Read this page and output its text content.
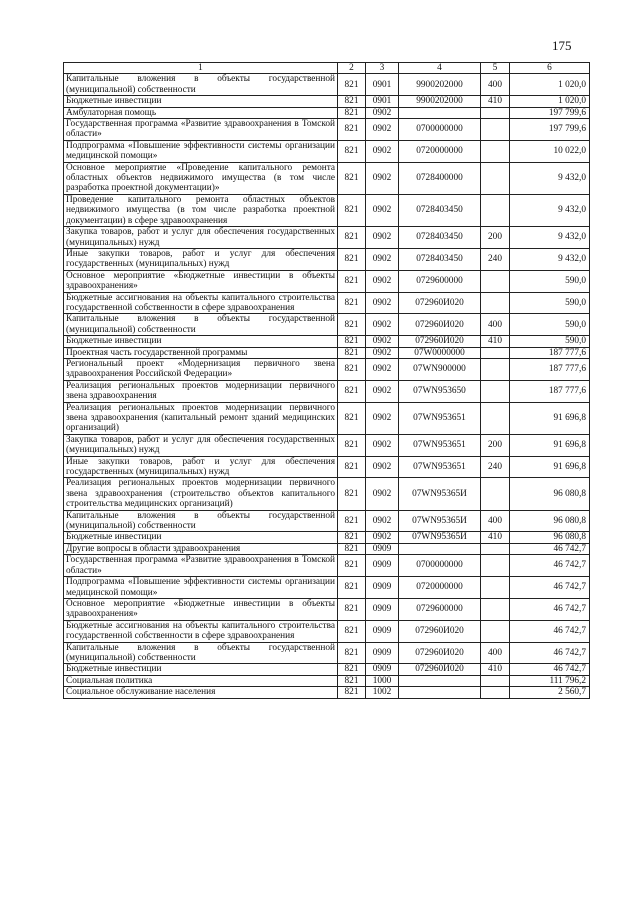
175
1	2	3	4	5	6
Капитальные вложения в объекты государственной (муниципальной) собственности	821	0901	9900202000	400	1 020,0
Бюджетные инвестиции	821	0901	9900202000	410	1 020,0
Амбулаторная помощь	821	0902			197 799,6
Государственная программа «Развитие здравоохранения в Томской области»	821	0902	0700000000		197 799,6
Подпрограмма «Повышение эффективности системы организации медицинской помощи»	821	0902	0720000000		10 022,0
Основное мероприятие «Проведение капитального ремонта областных объектов недвижимого имущества (в том числе разработка проектной документации)»	821	0902	0728400000		9 432,0
Проведение капитального ремонта областных объектов недвижимого имущества (в том числе разработка проектной документации) в сфере здравоохранения	821	0902	0728403450		9 432,0
Закупка товаров, работ и услуг для обеспечения государственных (муниципальных) нужд	821	0902	0728403450	200	9 432,0
Иные закупки товаров, работ и услуг для обеспечения государственных (муниципальных) нужд	821	0902	0728403450	240	9 432,0
Основное мероприятие «Бюджетные инвестиции в объекты здравоохранения»	821	0902	0729600000		590,0
Бюджетные ассигнования на объекты капитального строительства государственной собственности в сфере здравоохранения	821	0902	072960И020		590,0
Капитальные вложения в объекты государственной (муниципальной) собственности	821	0902	072960И020	400	590,0
Бюджетные инвестиции	821	0902	072960И020	410	590,0
Проектная часть государственной программы	821	0902	07W0000000		187 777,6
Региональный проект «Модернизация первичного звена здравоохранения Российской Федерации»	821	0902	07WN900000		187 777,6
Реализация региональных проектов модернизации первичного звена здравоохранения	821	0902	07WN953650		187 777,6
Реализация региональных проектов модернизации первичного звена здравоохранения (капитальный ремонт зданий медицинских организаций)	821	0902	07WN953651		91 696,8
Закупка товаров, работ и услуг для обеспечения государственных (муниципальных) нужд	821	0902	07WN953651	200	91 696,8
Иные закупки товаров, работ и услуг для обеспечения государственных (муниципальных) нужд	821	0902	07WN953651	240	91 696,8
Реализация региональных проектов модернизации первичного звена здравоохранения (строительство объектов капитального строительства медицинских организаций)	821	0902	07WN95365И		96 080,8
Капитальные вложения в объекты государственной (муниципальной) собственности	821	0902	07WN95365И	400	96 080,8
Бюджетные инвестиции	821	0902	07WN95365И	410	96 080,8
Другие вопросы в области здравоохранения	821	0909			46 742,7
Государственная программа «Развитие здравоохранения в Томской области»	821	0909	0700000000		46 742,7
Подпрограмма «Повышение эффективности системы организации медицинской помощи»	821	0909	0720000000		46 742,7
Основное мероприятие «Бюджетные инвестиции в объекты здравоохранения»	821	0909	0729600000		46 742,7
Бюджетные ассигнования на объекты капитального строительства государственной собственности в сфере здравоохранения	821	0909	072960И020		46 742,7
Капитальные вложения в объекты государственной (муниципальной) собственности	821	0909	072960И020	400	46 742,7
Бюджетные инвестиции	821	0909	072960И020	410	46 742,7
Социальная политика	821	1000			111 796,2
Социальное обслуживание населения	821	1002			2 560,7
